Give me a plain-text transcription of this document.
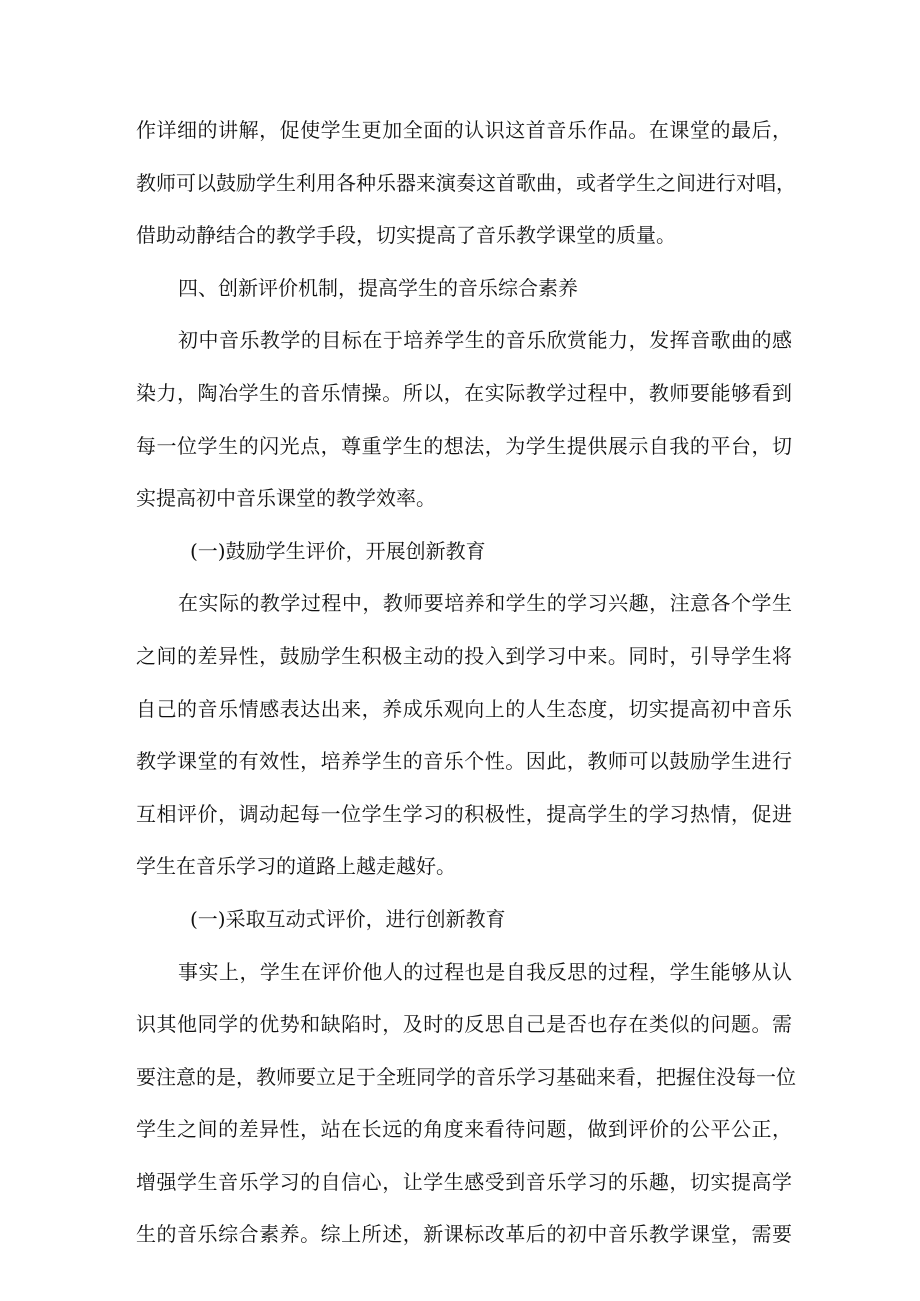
作详细的讲解，促使学生更加全面的认识这首音乐作品。在课堂的最后，
教师可以鼓励学生利用各种乐器来演奏这首歌曲，或者学生之间进行对唱，
借助动静结合的教学手段，切实提高了音乐教学课堂的质量。
四、创新评价机制，提高学生的音乐综合素养
初中音乐教学的目标在于培养学生的音乐欣赏能力，发挥音歌曲的感
染力，陶冶学生的音乐情操。所以，在实际教学过程中，教师要能够看到
每一位学生的闪光点，尊重学生的想法，为学生提供展示自我的平台，切
实提高初中音乐课堂的教学效率。
(一)鼓励学生评价，开展创新教育
在实际的教学过程中，教师要培养和学生的学习兴趣，注意各个学生
之间的差异性，鼓励学生积极主动的投入到学习中来。同时，引导学生将
自己的音乐情感表达出来，养成乐观向上的人生态度，切实提高初中音乐
教学课堂的有效性，培养学生的音乐个性。因此，教师可以鼓励学生进行
互相评价，调动起每一位学生学习的积极性，提高学生的学习热情，促进
学生在音乐学习的道路上越走越好。
(一)采取互动式评价，进行创新教育
事实上，学生在评价他人的过程也是自我反思的过程，学生能够从认
识其他同学的优势和缺陷时，及时的反思自己是否也存在类似的问题。需
要注意的是，教师要立足于全班同学的音乐学习基础来看，把握住没每一位
学生之间的差异性，站在长远的角度来看待问题，做到评价的公平公正，
增强学生音乐学习的自信心，让学生感受到音乐学习的乐趣，切实提高学
生的音乐综合素养。综上所述，新课标改革后的初中音乐教学课堂，需要
